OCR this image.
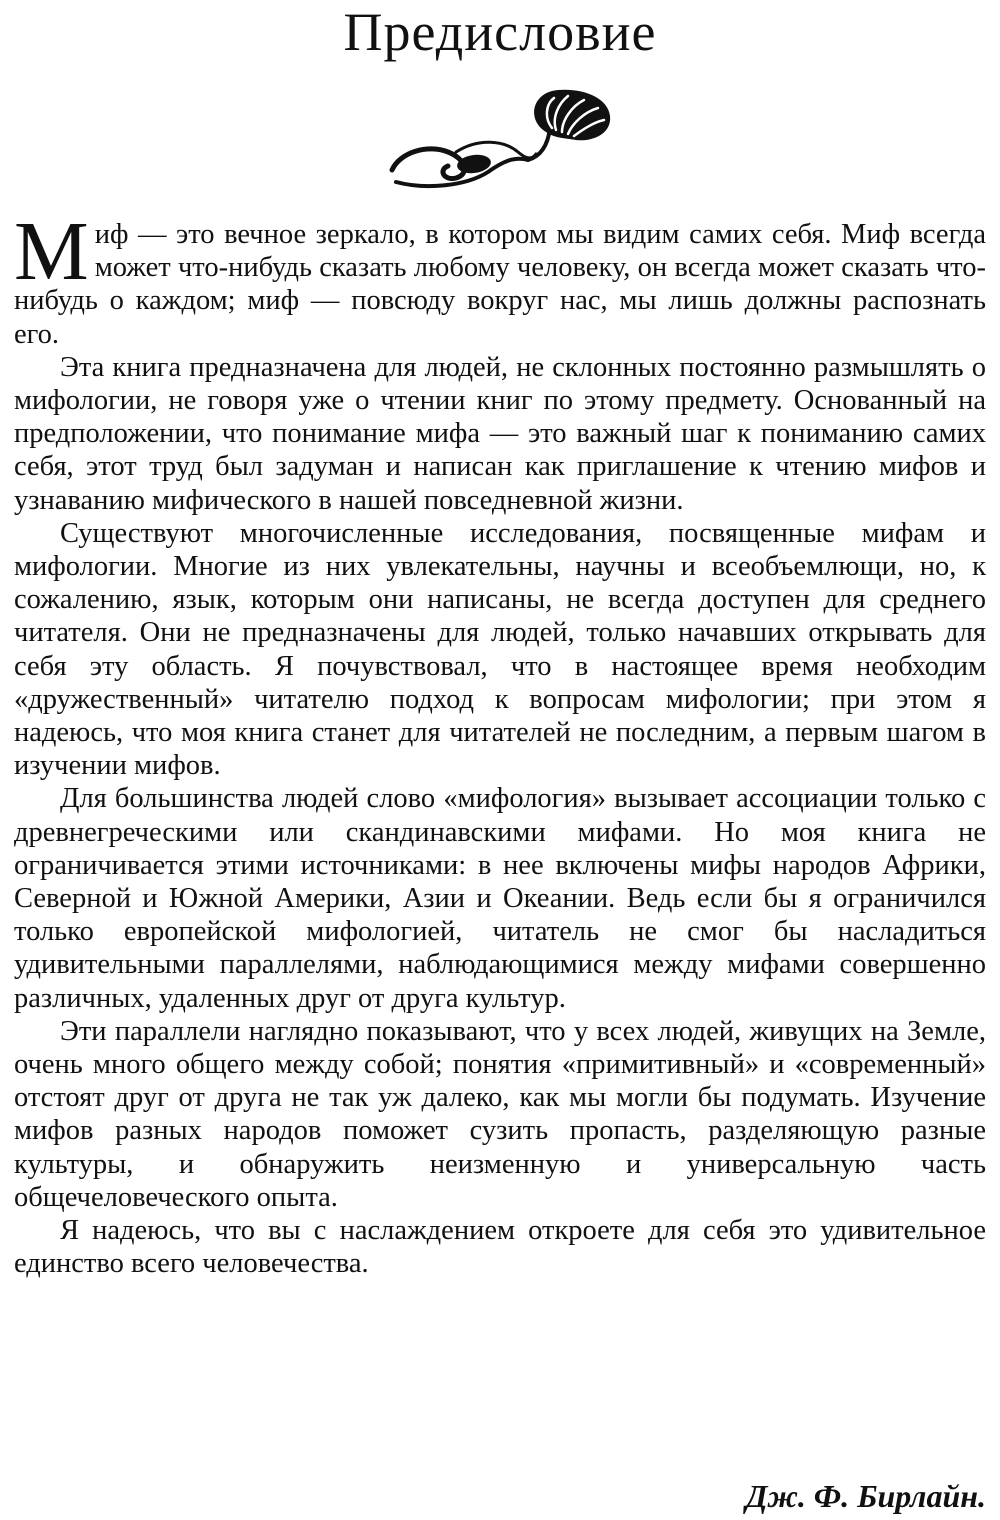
Предисловие

Миф — это вечное зеркало, в котором мы видим самих себя. Миф всегда может что-нибудь сказать любому человеку, он всегда может сказать что-нибудь о каждом; миф — повсюду вокруг нас, мы лишь должны распознать его.

Эта книга предназначена для людей, не склонных постоянно размышлять о мифологии, не говоря уже о чтении книг по этому предмету. Основанный на предположении, что понимание мифа — это важный шаг к пониманию самих себя, этот труд был задуман и написан как приглашение к чтению мифов и узнаванию мифического в нашей повседневной жизни.

Существуют многочисленные исследования, посвященные мифам и мифологии. Многие из них увлекательны, научны и всеобъемлющи, но, к сожалению, язык, которым они написаны, не всегда доступен для среднего читателя. Они не предназначены для людей, только начавших открывать для себя эту область. Я почувствовал, что в настоящее время необходим «дружественный» читателю подход к вопросам мифологии; при этом я надеюсь, что моя книга станет для читателей не последним, а первым шагом в изучении мифов.

Для большинства людей слово «мифология» вызывает ассоциации только с древнегреческими или скандинавскими мифами. Но моя книга не ограничивается этими источниками: в нее включены мифы народов Африки, Северной и Южной Америки, Азии и Океании. Ведь если бы я ограничился только европейской мифологией, читатель не смог бы насладиться удивительными параллелями, наблюдающимися между мифами совершенно различных, удаленных друг от друга культур.

Эти параллели наглядно показывают, что у всех людей, живущих на Земле, очень много общего между собой; понятия «примитивный» и «современный» отстоят друг от друга не так уж далеко, как мы могли бы подумать. Изучение мифов разных народов поможет сузить пропасть, разделяющую разные культуры, и обнаружить неизменную и универсальную часть общечеловеческого опыта.

Я надеюсь, что вы с наслаждением откроете для себя это удивительное единство всего человечества.

Дж. Ф. Бирлайн.
